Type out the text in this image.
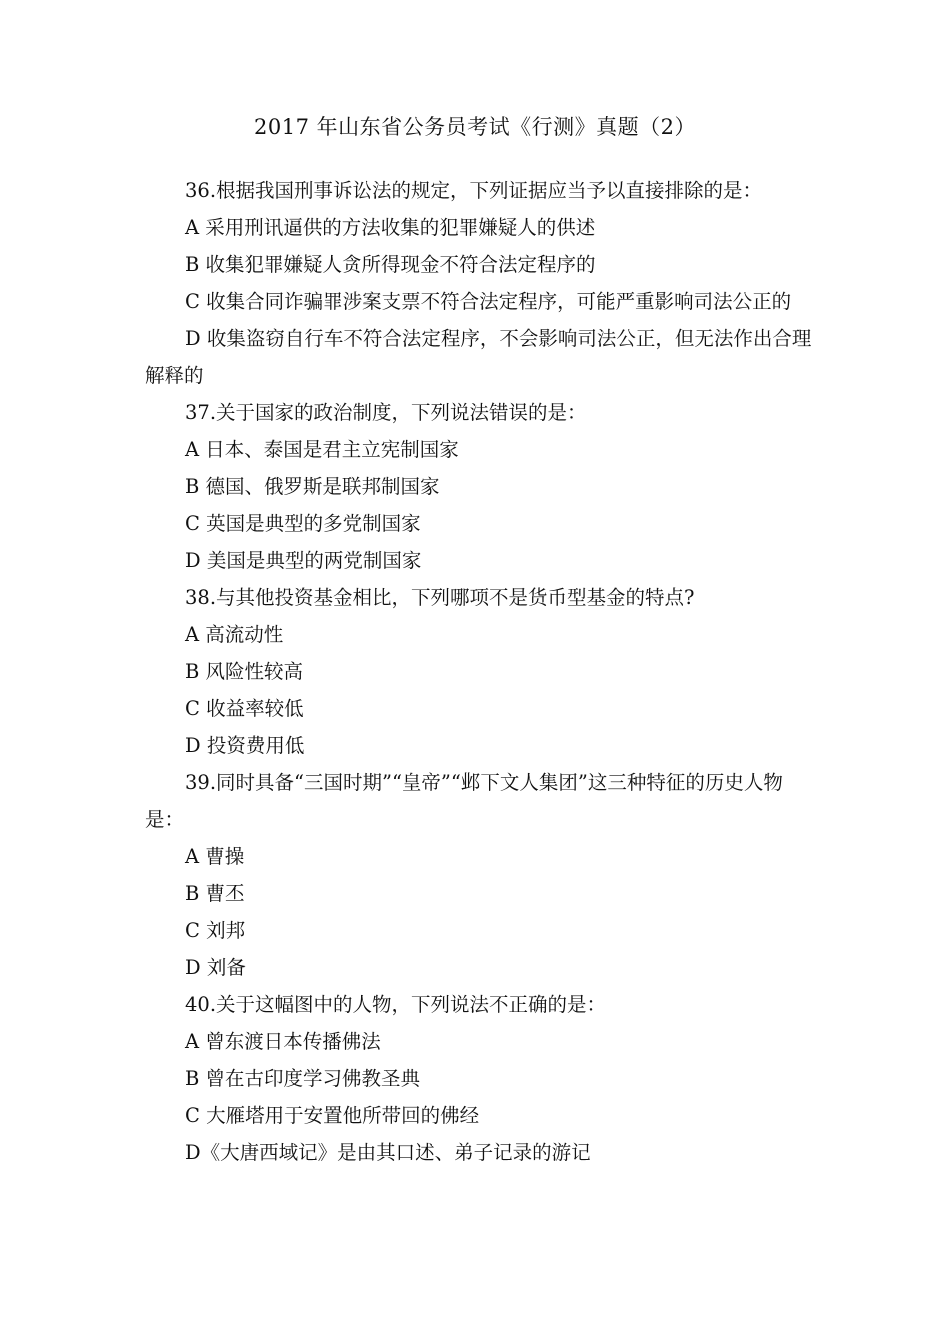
2017 年山东省公务员考试《行测》真题（2）

36.根据我国刑事诉讼法的规定，下列证据应当予以直接排除的是：

A 采用刑讯逼供的方法收集的犯罪嫌疑人的供述

B 收集犯罪嫌疑人贪所得现金不符合法定程序的

C 收集合同诈骗罪涉案支票不符合法定程序，可能严重影响司法公正的

D 收集盗窃自行车不符合法定程序，不会影响司法公正，但无法作出合理解释的

37.关于国家的政治制度，下列说法错误的是：

A 日本、泰国是君主立宪制国家

B 德国、俄罗斯是联邦制国家

C 英国是典型的多党制国家

D 美国是典型的两党制国家

38.与其他投资基金相比，下列哪项不是货币型基金的特点?

A 高流动性

B 风险性较高

C 收益率较低

D 投资费用低

39.同时具备“三国时期”“皇帝”“邺下文人集团”这三种特征的历史人物是：

A 曹操

B 曹丕

C 刘邦

D 刘备

40.关于这幅图中的人物，下列说法不正确的是：

A 曾东渡日本传播佛法

B 曾在古印度学习佛教圣典

C 大雁塔用于安置他所带回的佛经

D《大唐西域记》是由其口述、弟子记录的游记
